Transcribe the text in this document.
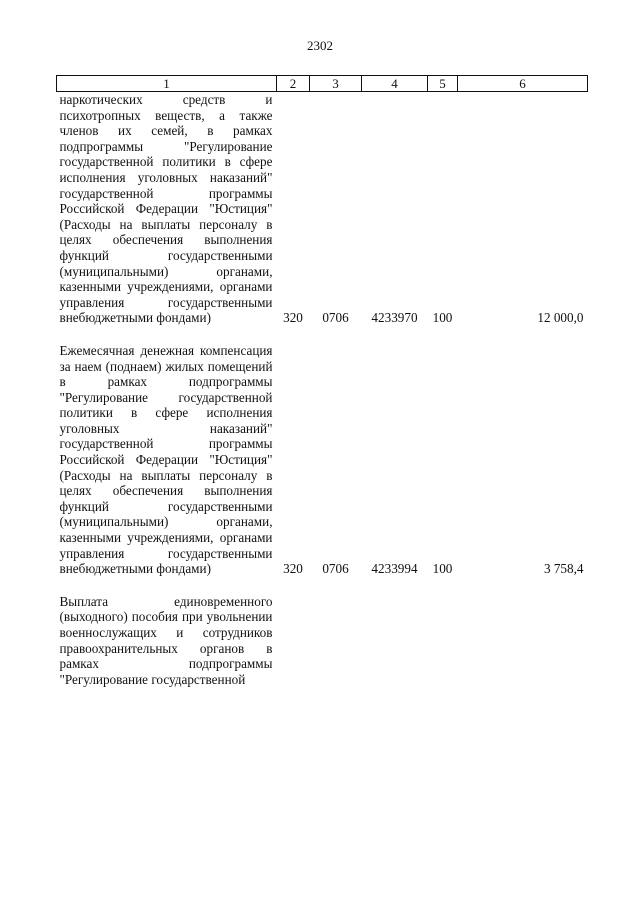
2302
1	2	3	4	5	6
наркотических средств и психотропных веществ, а также членов их семей, в рамках подпрограммы "Регулирование государственной политики в сфере исполнения уголовных наказаний" государственной программы Российской Федерации "Юстиция" (Расходы на выплаты персоналу в целях обеспечения выполнения функций государственными (муниципальными) органами, казенными учреждениями, органами управления государственными внебюджетными фондами)	320	0706	4233970	100	12 000,0

Ежемесячная денежная компенсация за наем (поднаем) жилых помещений в рамках подпрограммы "Регулирование государственной политики в сфере исполнения уголовных наказаний" государственной программы Российской Федерации "Юстиция" (Расходы на выплаты персоналу в целях обеспечения выполнения функций государственными (муниципальными) органами, казенными учреждениями, органами управления государственными внебюджетными фондами)	320	0706	4233994	100	3 758,4

Выплата единовременного (выходного) пособия при увольнении военнослужащих и сотрудников правоохранительных органов в рамках подпрограммы "Регулирование государственной					
